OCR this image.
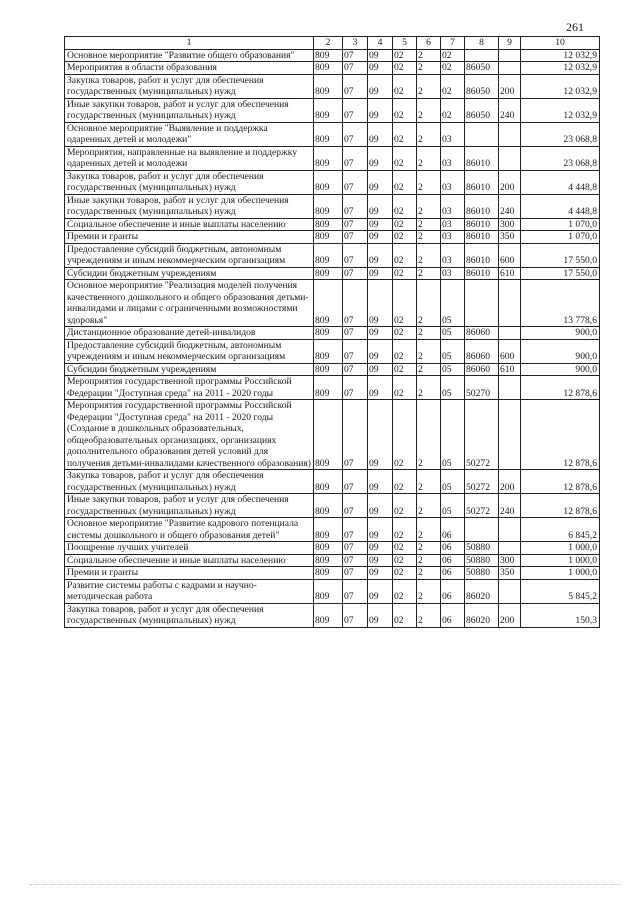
261
1	2	3	4	5	6	7	8	9	10
Основное мероприятие "Развитие общего образования"	809	07	09	02	2	02			12 032,9
Мероприятия в области образования	809	07	09	02	2	02	86050		12 032,9
Закупка товаров, работ и услуг для обеспечения государственных (муниципальных) нужд	809	07	09	02	2	02	86050	200	12 032,9
Иные закупки товаров, работ и услуг для обеспечения государственных (муниципальных) нужд	809	07	09	02	2	02	86050	240	12 032,9
Основное мероприятие "Выявление и поддержка одаренных детей и молодежи"	809	07	09	02	2	03			23 068,8
Мероприятия, направленные на выявление и поддержку одаренных детей и молодежи	809	07	09	02	2	03	86010		23 068,8
Закупка товаров, работ и услуг для обеспечения государственных (муниципальных) нужд	809	07	09	02	2	03	86010	200	4 448,8
Иные закупки товаров, работ и услуг для обеспечения государственных (муниципальных) нужд	809	07	09	02	2	03	86010	240	4 448,8
Социальное обеспечение и иные выплаты населению	809	07	09	02	2	03	86010	300	1 070,0
Премии и гранты	809	07	09	02	2	03	86010	350	1 070,0
Предоставление субсидий бюджетным, автономным учреждениям и иным некоммерческим организациям	809	07	09	02	2	03	86010	600	17 550,0
Субсидии бюджетным учреждениям	809	07	09	02	2	03	86010	610	17 550,0
Основное мероприятие "Реализация моделей получения качественного дошкольного и общего образования детьми-инвалидами и лицами с ограниченными возможностями здоровья"	809	07	09	02	2	05			13 778,6
Дистанционное образование детей-инвалидов	809	07	09	02	2	05	86060		900,0
Предоставление субсидий бюджетным, автономным учреждениям и иным некоммерческим организациям	809	07	09	02	2	05	86060	600	900,0
Субсидии бюджетным учреждениям	809	07	09	02	2	05	86060	610	900,0
Мероприятия государственной программы Российской Федерации "Доступная среда" на 2011 - 2020 годы	809	07	09	02	2	05	50270		12 878,6
Мероприятия государственной программы Российской Федерации "Доступная среда" на 2011 - 2020 годы (Создание в дошкольных образовательных, общеобразовательных организациях, организациях дополнительного образования детей условий для получения детьми-инвалидами качественного образования)	809	07	09	02	2	05	50272		12 878,6
Закупка товаров, работ и услуг для обеспечения государственных (муниципальных) нужд	809	07	09	02	2	05	50272	200	12 878,6
Иные закупки товаров, работ и услуг для обеспечения государственных (муниципальных) нужд	809	07	09	02	2	05	50272	240	12 878,6
Основное мероприятие "Развитие кадрового потенциала системы дошкольного и общего образования детей"	809	07	09	02	2	06			6 845,2
Поощрение лучших учителей	809	07	09	02	2	06	50880		1 000,0
Социальное обеспечение и иные выплаты населению	809	07	09	02	2	06	50880	300	1 000,0
Премии и гранты	809	07	09	02	2	06	50880	350	1 000,0
Развитие системы работы с кадрами и научно-методическая работа	809	07	09	02	2	06	86020		5 845,2
Закупка товаров, работ и услуг для обеспечения государственных (муниципальных) нужд	809	07	09	02	2	06	86020	200	150,3
